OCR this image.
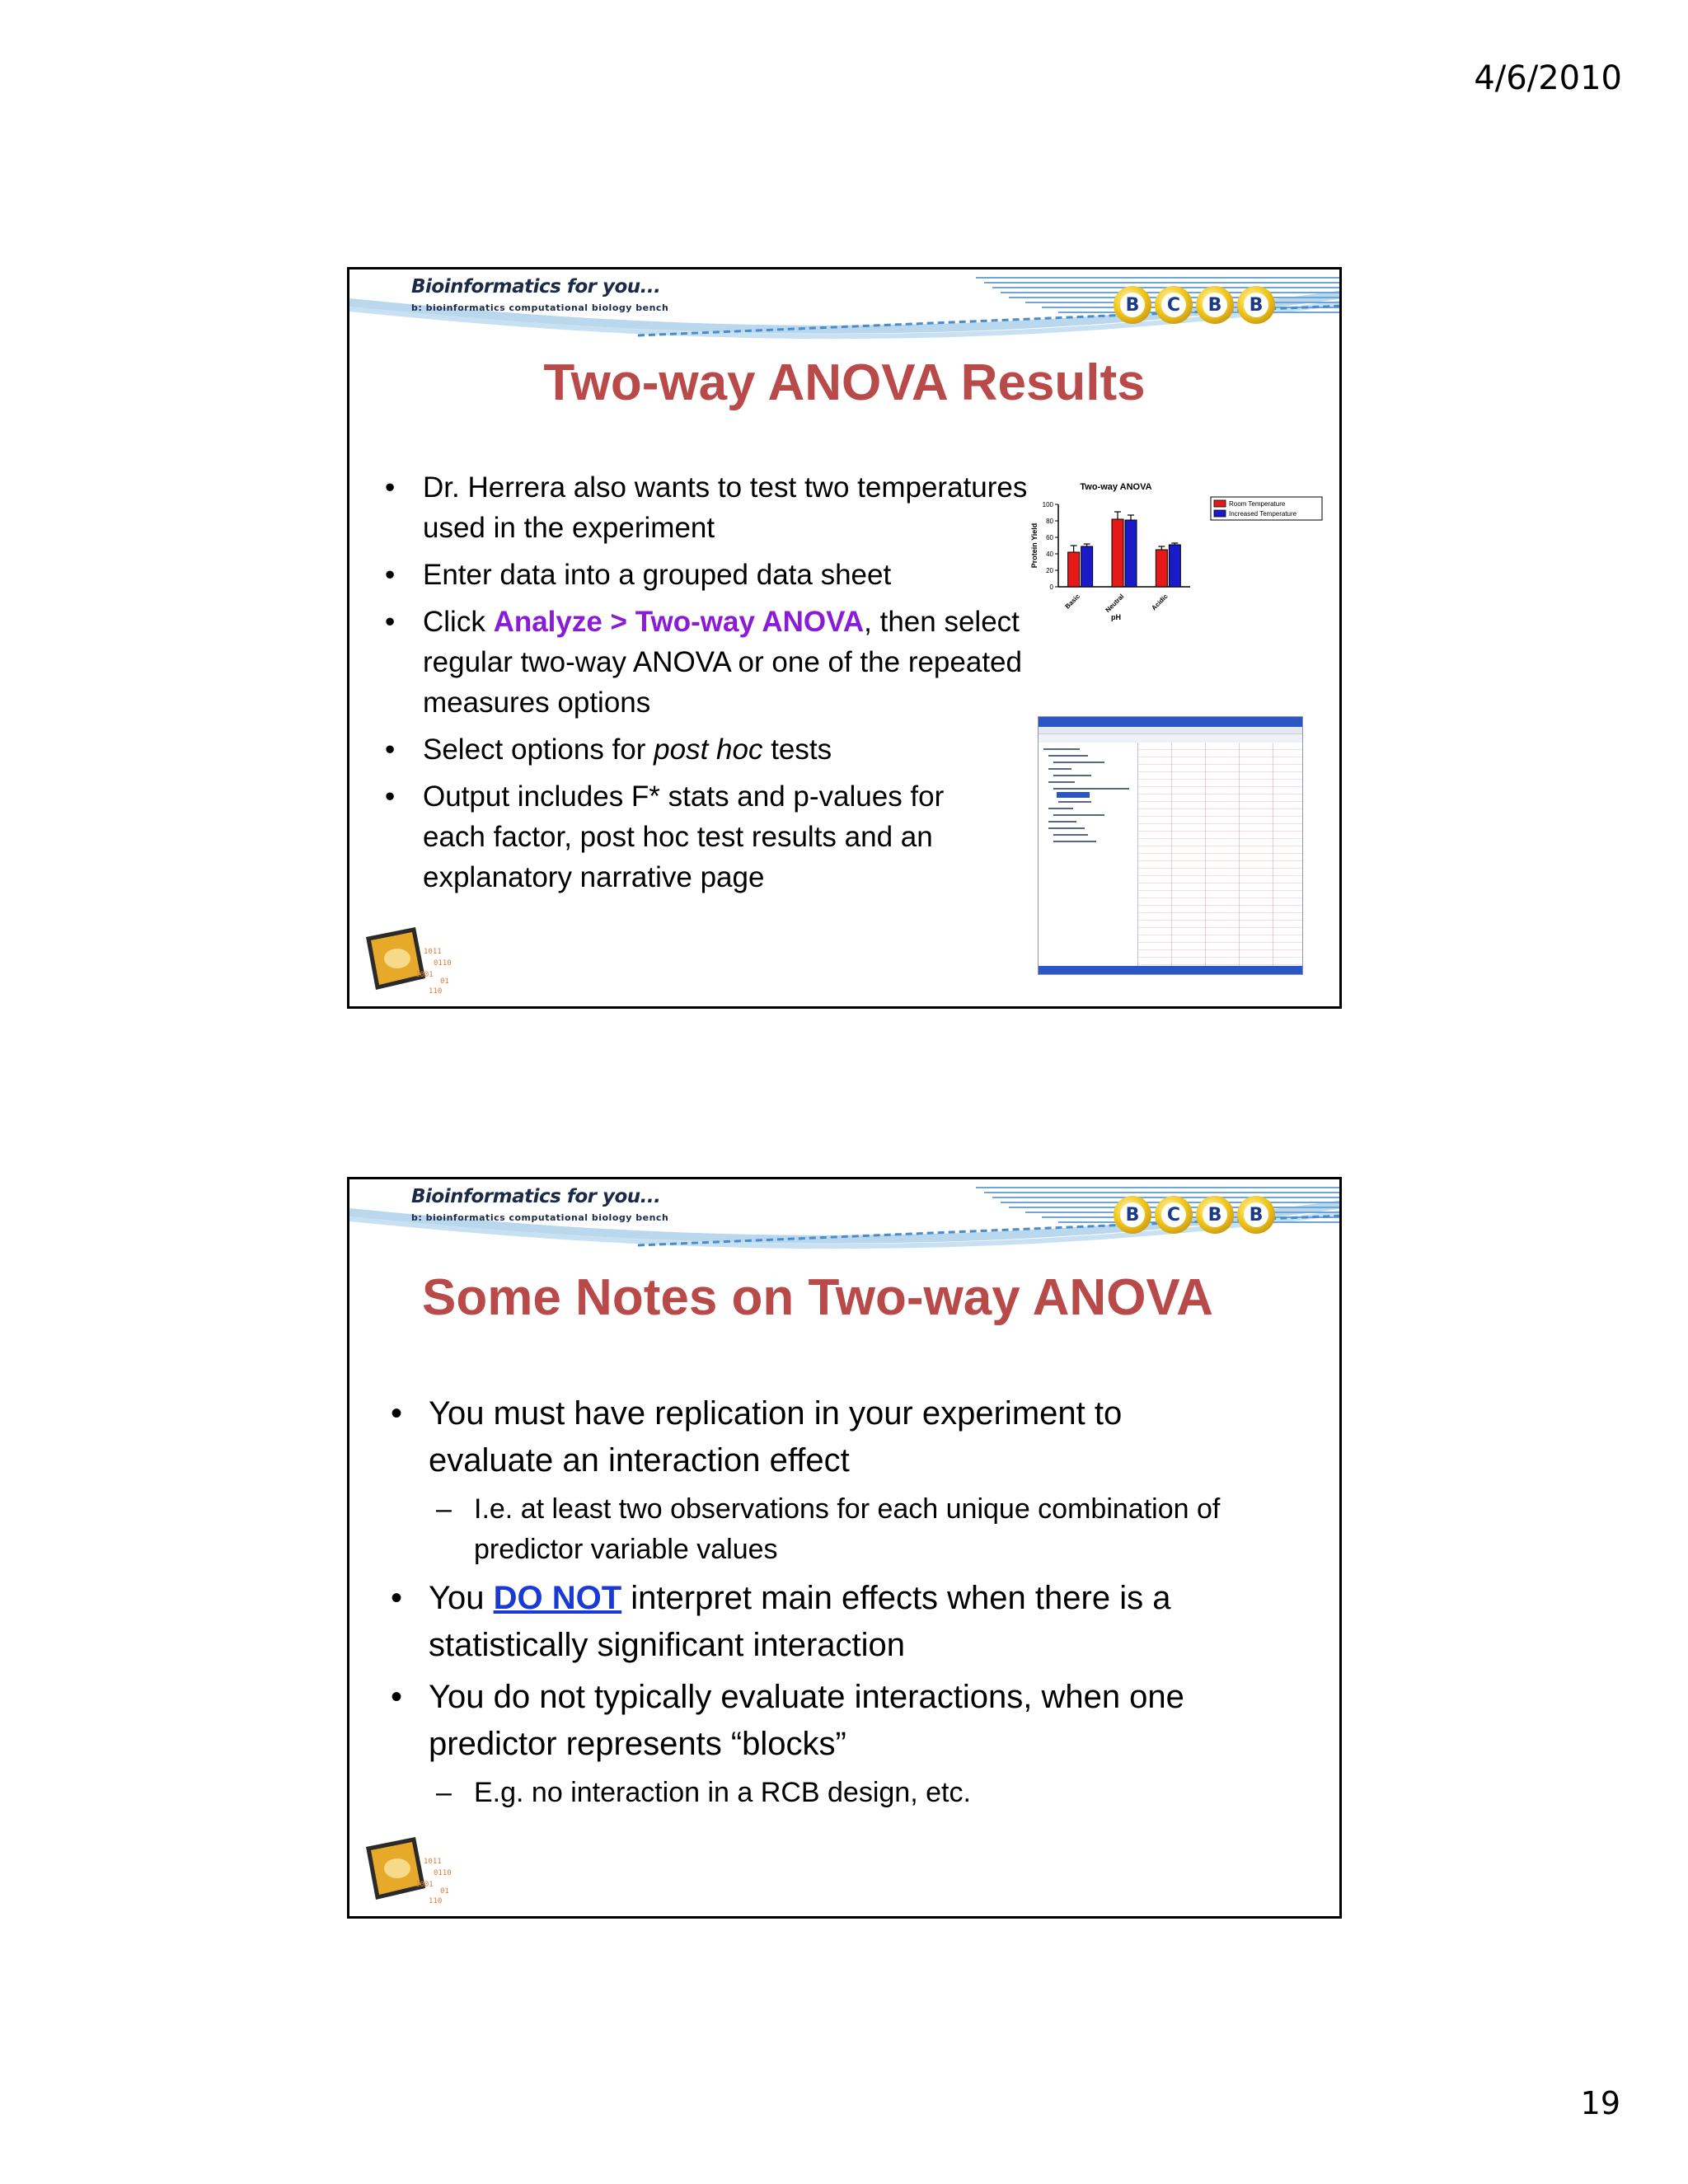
4/6/2010
Bioinformatics for you...
b: bioinformatics computational biology bench	B	C	B	B
Two-way ANOVA Results
• Dr. Herrera also wants to test two temperatures used in the experiment
• Enter data into a grouped data sheet
• Click Analyze > Two-way ANOVA, then select regular two-way ANOVA or one of the repeated measures options
• Select options for post hoc tests
• Output includes F* stats and p-values for each factor, post hoc test results and an explanatory narrative page
Two-way ANOVA
0
20
40
60
80
100
Protein Yield
Basic	Neutral	Acidic
pH
Room Temperature
Increased Temperature
1011
0110
1001
01
110
Bioinformatics for you...
b: bioinformatics computational biology bench	B	C	B	B
Some Notes on Two-way ANOVA
• You must have replication in your experiment to evaluate an interaction effect
– I.e. at least two observations for each unique combination of predictor variable values
• You DO NOT interpret main effects when there is a statistically significant interaction
• You do not typically evaluate interactions, when one predictor represents “blocks”
– E.g. no interaction in a RCB design, etc.
1011
0110
1001
01
110
19
